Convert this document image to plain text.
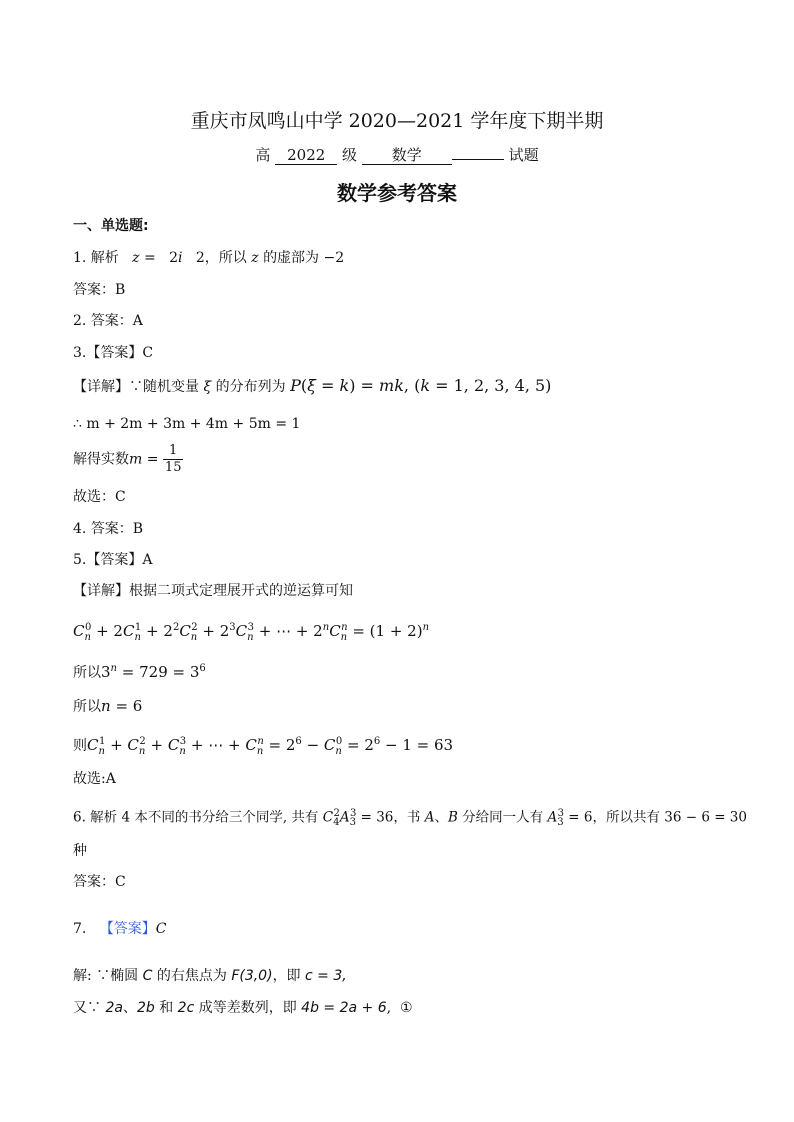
重庆市凤鸣山中学 2020—2021 学年度下期半期
高 2022 级 数学	试题
数学参考答案
一、单选题:
1. 解析 z =   2i   2，所以 z 的虚部为 −2
答案：B
2. 答案：A
3.【答案】C
【详解】∵随机变量 ξ 的分布列为 P(ξ = k) = mk, (k = 1, 2, 3, 4, 5)
∴ m + 2m + 3m + 4m + 5m = 1
解得实数$m = \frac{1}{15}$
故选：C
4. 答案：B
5.【答案】A
【详解】根据二项式定理展开式的逆运算可知
$C_n^0 + 2C_n^1 + 2^2C_n^2 + 2^3C_n^3$ + ⋯ + $2^nC_n^n = (1 + 2)^n$
所以$3^n = 729 = 3^6$
所以n = 6
则$C_n^1 + C_n^2 + C_n^3$ + ⋯ + $C_n^n = 2^6 - C_n^0 = 2^6 - 1 = 63$
故选:A
6. 解析 4 本不同的书分给三个同学, 共有 $C_4^2A_3^3 = 36$，书 A、B 分给同一人有 $A_3^3 = 6$，所以共有 36 − 6 = 30
种
答案：C
7. 【答案】C
解: ∵椭圆 C 的右焦点为 F(3,0)，即 c = 3,
又∵ 2a、2b 和 2c 成等差数列，即 4b = 2a + 6,  ①
